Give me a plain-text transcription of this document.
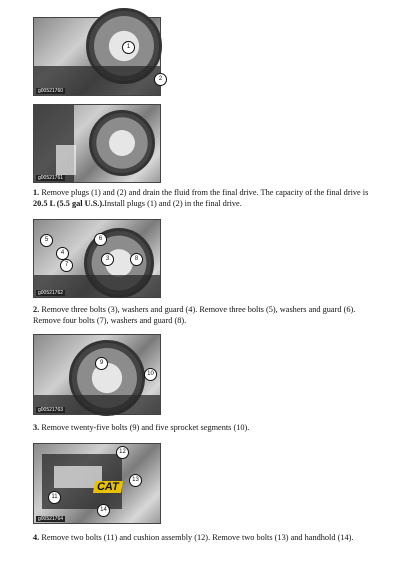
1
2
g00521760
g00521761
1. Remove plugs (1) and (2) and drain the fluid from the final drive. The capacity of the final drive is 20.5 L (5.5 gal U.S.).Install plugs (1) and (2) in the final drive.
5	6
4
7
3	8
g00521762
2. Remove three bolts (3), washers and guard (4). Remove three bolts (5), washers and guard (6). Remove four bolts (7), washers and guard (8).
9
10
g00521763
3. Remove twenty-five bolts (9) and five sprocket segments (10).
CAT
12
13
11
14
g00521764
4. Remove two bolts (11) and cushion assembly (12). Remove two bolts (13) and handhold (14).
